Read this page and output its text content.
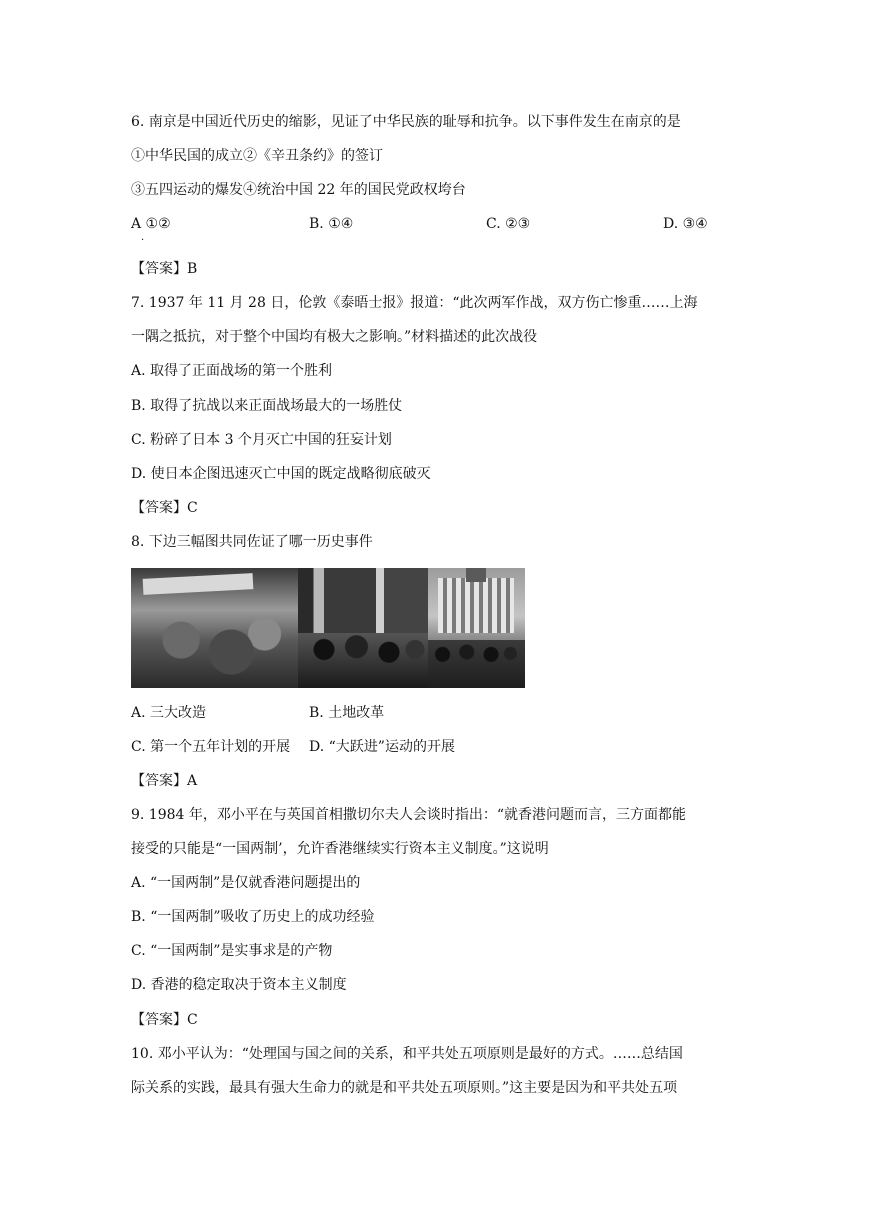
6. 南京是中国近代历史的缩影，见证了中华民族的耻辱和抗争。以下事件发生在南京的是
①中华民国的成立②《辛丑条约》的签订
③五四运动的爆发④统治中国 22 年的国民党政权垮台
A ①②
·
B. ①④	C. ②③	D. ③④
【答案】B
7. 1937 年 11 月 28 日，伦敦《泰晤士报》报道：“此次两军作战，双方伤亡惨重……上海
一隅之抵抗，对于整个中国均有极大之影响。”材料描述的此次战役
A. 取得了正面战场的第一个胜利
B. 取得了抗战以来正面战场最大的一场胜仗
C. 粉碎了日本 3 个月灭亡中国的狂妄计划
D. 使日本企图迅速灭亡中国的既定战略彻底破灭
【答案】C
8. 下边三幅图共同佐证了哪一历史事件
A. 三大改造	B. 土地改革
C. 第一个五年计划的开展 D. “大跃进”运动的开展
【答案】A
9. 1984 年，邓小平在与英国首相撒切尔夫人会谈时指出：“就香港问题而言，三方面都能
接受的只能是“一国两制’，允许香港继续实行资本主义制度。”这说明
A. “一国两制”是仅就香港问题提出的
B. “一国两制”吸收了历史上的成功经验
C. “一国两制”是实事求是的产物
D. 香港的稳定取决于资本主义制度
【答案】C
10. 邓小平认为：“处理国与国之间的关系，和平共处五项原则是最好的方式。……总结国
际关系的实践，最具有强大生命力的就是和平共处五项原则。”这主要是因为和平共处五项
